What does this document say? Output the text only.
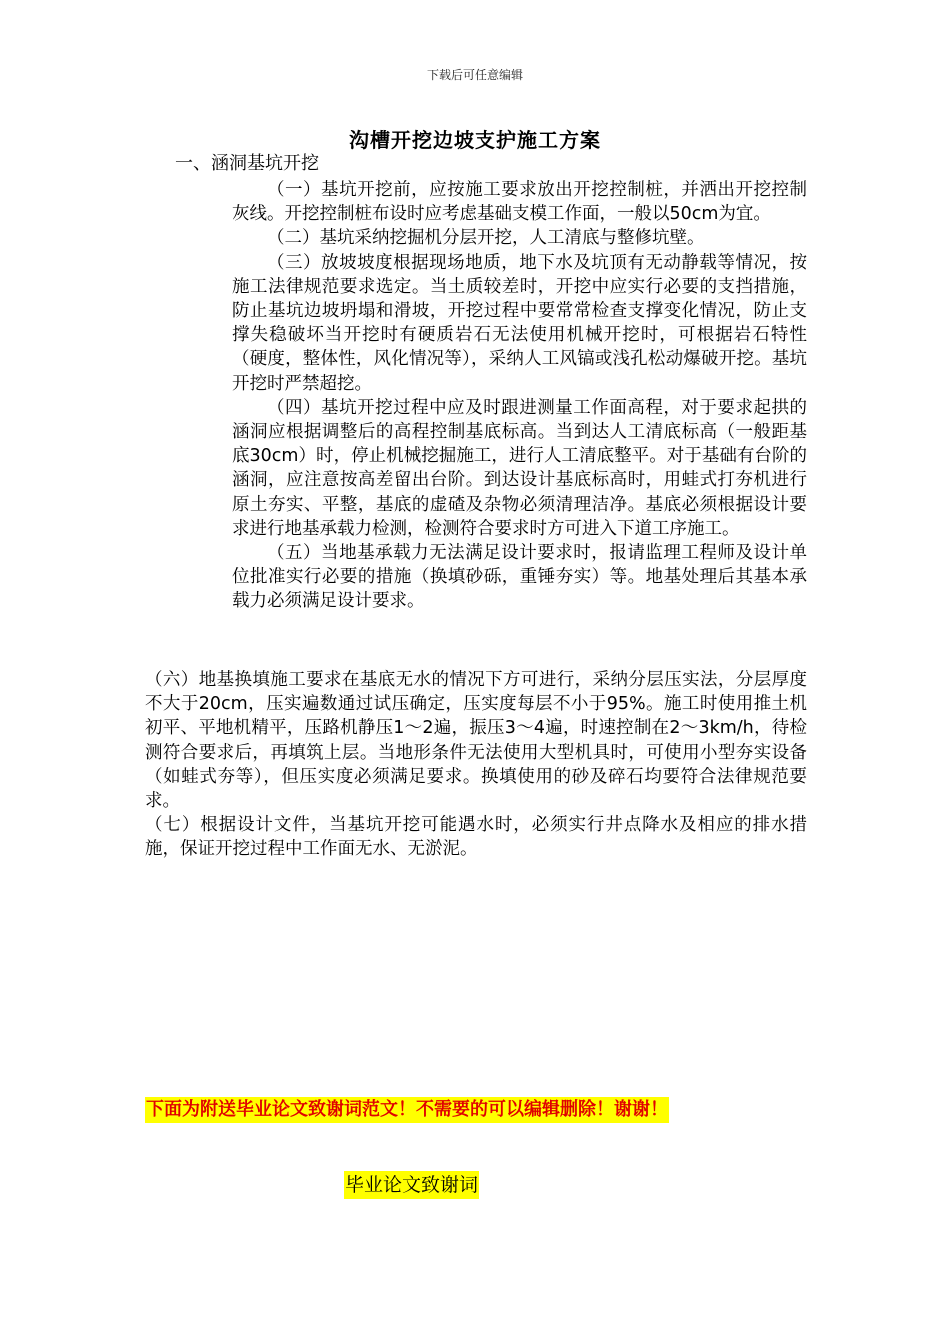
下载后可任意编辑
沟槽开挖边坡支护施工方案
一、涵洞基坑开挖

（一）基坑开挖前，应按施工要求放出开挖控制桩，并洒出开挖控制灰线。开挖控制桩布设时应考虑基础支模工作面，一般以50cm为宜。

（二）基坑采纳挖掘机分层开挖，人工清底与整修坑壁。

（三）放坡坡度根据现场地质，地下水及坑顶有无动静载等情况，按施工法律规范要求选定。当土质较差时，开挖中应实行必要的支挡措施，防止基坑边坡坍塌和滑坡，开挖过程中要常常检查支撑变化情况，防止支撑失稳破坏当开挖时有硬质岩石无法使用机械开挖时，可根据岩石特性（硬度，整体性，风化情况等），采纳人工风镐或浅孔松动爆破开挖。基坑开挖时严禁超挖。

（四）基坑开挖过程中应及时跟进测量工作面高程，对于要求起拱的涵洞应根据调整后的高程控制基底标高。当到达人工清底标高（一般距基底30cm）时，停止机械挖掘施工，进行人工清底整平。对于基础有台阶的涵洞，应注意按高差留出台阶。到达设计基底标高时，用蛙式打夯机进行原土夯实、平整，基底的虚碴及杂物必须清理洁净。基底必须根据设计要求进行地基承载力检测，检测符合要求时方可进入下道工序施工。

（五）当地基承载力无法满足设计要求时，报请监理工程师及设计单位批准实行必要的措施（换填砂砾，重锤夯实）等。地基处理后其基本承载力必须满足设计要求。

（六）地基换填施工要求在基底无水的情况下方可进行，采纳分层压实法，分层厚度不大于20cm，压实遍数通过试压确定，压实度每层不小于95%。施工时使用推土机初平、平地机精平，压路机静压1～2遍，振压3～4遍，时速控制在2～3km/h，待检测符合要求后，再填筑上层。当地形条件无法使用大型机具时，可使用小型夯实设备（如蛙式夯等），但压实度必须满足要求。换填使用的砂及碎石均要符合法律规范要求。

（七）根据设计文件，当基坑开挖可能遇水时，必须实行井点降水及相应的排水措施，保证开挖过程中工作面无水、无淤泥。

下面为附送毕业论文致谢词范文！不需要的可以编辑删除！谢谢！
毕业论文致谢词
